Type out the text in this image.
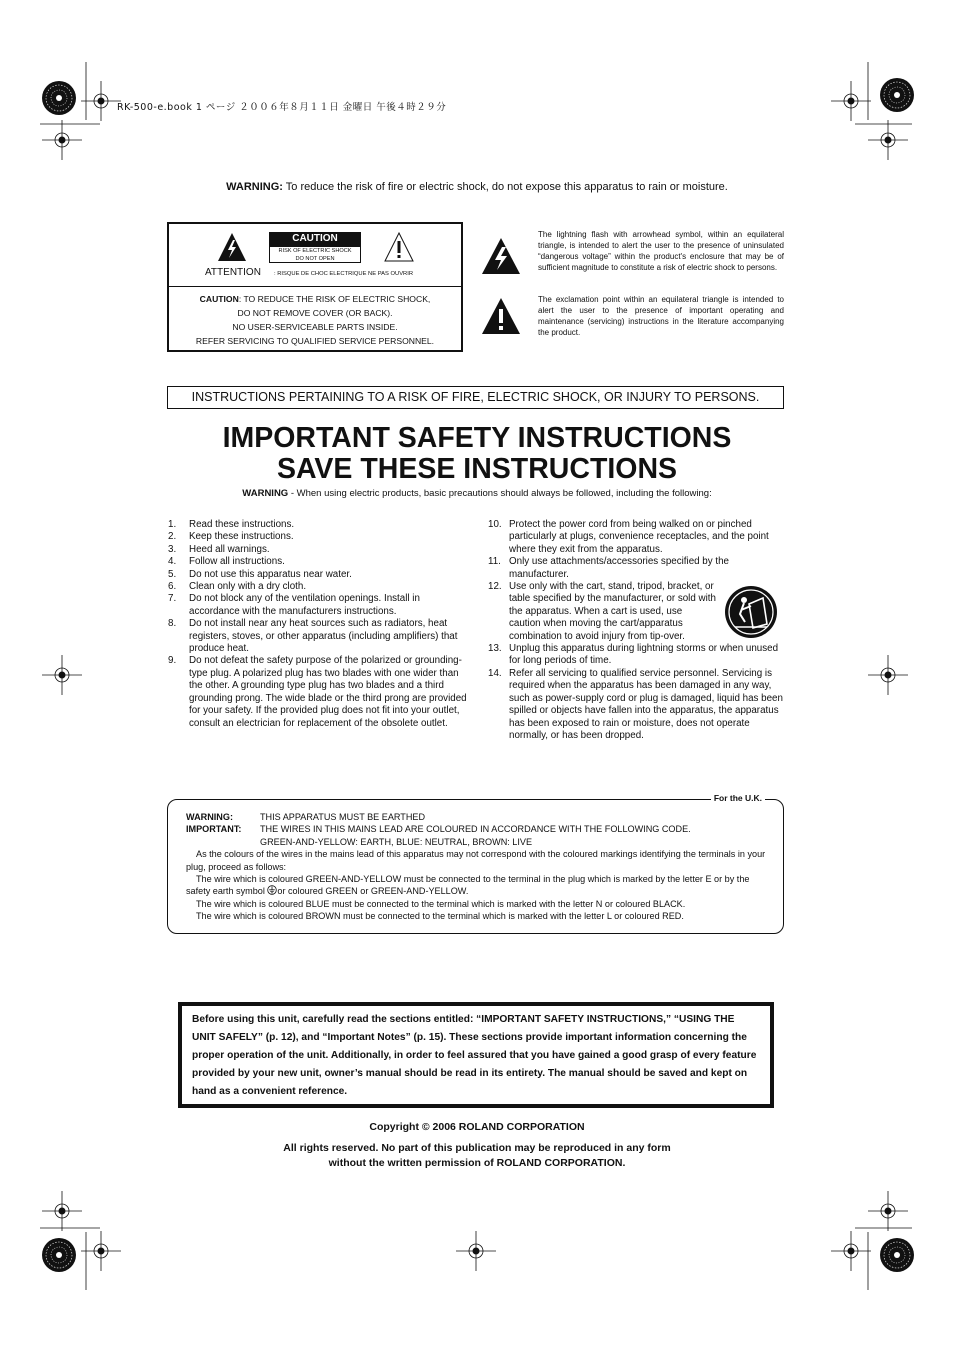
RK-500-e.book 1 ページ ２００６年８月１１日 金曜日 午後４時２９分
WARNING: To reduce the risk of fire or electric shock, do not expose this apparatus to rain or moisture.
CAUTION
RISK OF ELECTRIC SHOCK
DO NOT OPEN
ATTENTION : RISQUE DE CHOC ELECTRIQUE NE PAS OUVRIR
CAUTION: TO REDUCE THE RISK OF ELECTRIC SHOCK,
DO NOT REMOVE COVER (OR BACK).
NO USER-SERVICEABLE PARTS INSIDE.
REFER SERVICING TO QUALIFIED SERVICE PERSONNEL.
The lightning flash with arrowhead symbol, within an equilateral triangle, is intended to alert the user to the presence of uninsulated “dangerous voltage” within the product's enclosure that may be of sufficient magnitude to constitute a risk of electric shock to persons.
The exclamation point within an equilateral triangle is intended to alert the user to the presence of important operating and maintenance (servicing) instructions in the literature accompanying the product.
INSTRUCTIONS PERTAINING TO A RISK OF FIRE, ELECTRIC SHOCK, OR INJURY TO PERSONS.
IMPORTANT SAFETY INSTRUCTIONS
SAVE THESE INSTRUCTIONS
WARNING - When using electric products, basic precautions should always be followed, including the following:
1. Read these instructions.
2. Keep these instructions.
3. Heed all warnings.
4. Follow all instructions.
5. Do not use this apparatus near water.
6. Clean only with a dry cloth.
7. Do not block any of the ventilation openings. Install in accordance with the manufacturers instructions.
8. Do not install near any heat sources such as radiators, heat registers, stoves, or other apparatus (including amplifiers) that produce heat.
9. Do not defeat the safety purpose of the polarized or grounding-type plug. A polarized plug has two blades with one wider than the other. A grounding type plug has two blades and a third grounding prong. The wide blade or the third prong are provided for your safety. If the provided plug does not fit into your outlet, consult an electrician for replacement of the obsolete outlet.
10. Protect the power cord from being walked on or pinched particularly at plugs, convenience receptacles, and the point where they exit from the apparatus.
11. Only use attachments/accessories specified by the manufacturer.
12. Use only with the cart, stand, tripod, bracket, or table specified by the manufacturer, or sold with the apparatus. When a cart is used, use caution when moving the cart/apparatus combination to avoid injury from tip-over.
13. Unplug this apparatus during lightning storms or when unused for long periods of time.
14. Refer all servicing to qualified service personnel. Servicing is required when the apparatus has been damaged in any way, such as power-supply cord or plug is damaged, liquid has been spilled or objects have fallen into the apparatus, the apparatus has been exposed to rain or moisture, does not operate normally, or has been dropped.
For the U.K.
WARNING:	THIS APPARATUS MUST BE EARTHED
IMPORTANT: THE WIRES IN THIS MAINS LEAD ARE COLOURED IN ACCORDANCE WITH THE FOLLOWING CODE.
GREEN-AND-YELLOW: EARTH, BLUE: NEUTRAL, BROWN: LIVE
As the colours of the wires in the mains lead of this apparatus may not correspond with the coloured markings identifying the terminals in your plug, proceed as follows:
The wire which is coloured GREEN-AND-YELLOW must be connected to the terminal in the plug which is marked by the letter E or by the safety earth symbol or coloured GREEN or GREEN-AND-YELLOW.
The wire which is coloured BLUE must be connected to the terminal which is marked with the letter N or coloured BLACK.
The wire which is coloured BROWN must be connected to the terminal which is marked with the letter L or coloured RED.
Before using this unit, carefully read the sections entitled: “IMPORTANT SAFETY INSTRUCTIONS,” “USING THE UNIT SAFELY” (p. 12), and “Important Notes” (p. 15). These sections provide important information concerning the proper operation of the unit. Additionally, in order to feel assured that you have gained a good grasp of every feature provided by your new unit, owner’s manual should be read in its entirety. The manual should be saved and kept on hand as a convenient reference.
Copyright © 2006 ROLAND CORPORATION
All rights reserved. No part of this publication may be reproduced in any form
without the written permission of ROLAND CORPORATION.
